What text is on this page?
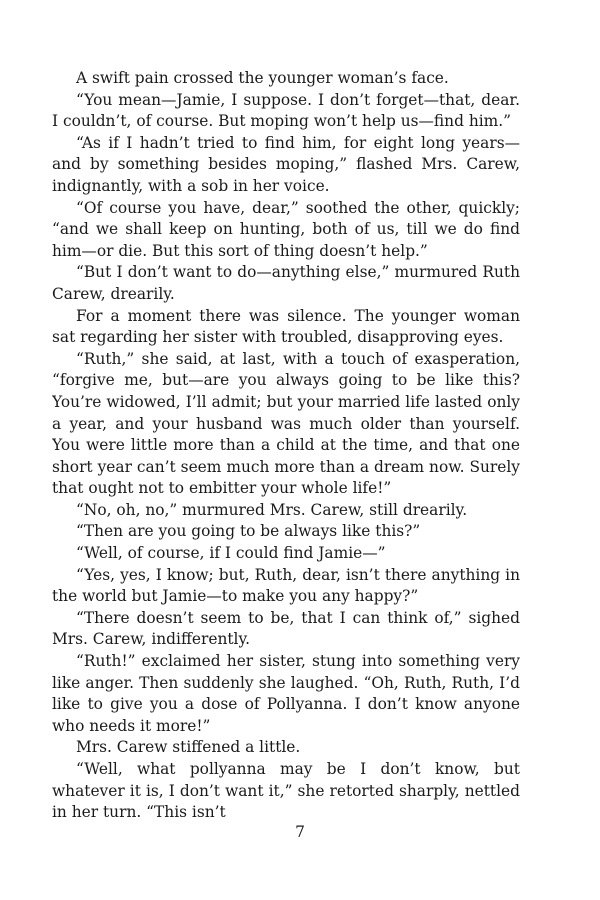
A swift pain crossed the younger woman’s face.

“You mean—Jamie, I suppose. I don’t forget—that, dear. I couldn’t, of course. But moping won’t help us—find him.”

“As if I hadn’t tried to find him, for eight long years—and by something besides moping,” flashed Mrs. Carew, indignantly, with a sob in her voice.

“Of course you have, dear,” soothed the other, quickly; “and we shall keep on hunting, both of us, till we do find him—or die. But this sort of thing doesn’t help.”

“But I don’t want to do—anything else,” murmured Ruth Carew, drearily.

For a moment there was silence. The younger woman sat regarding her sister with troubled, disapproving eyes.

“Ruth,” she said, at last, with a touch of exasperation, “forgive me, but—are you always going to be like this? You’re widowed, I’ll admit; but your married life lasted only a year, and your husband was much older than yourself. You were little more than a child at the time, and that one short year can’t seem much more than a dream now. Surely that ought not to embitter your whole life!”

“No, oh, no,” murmured Mrs. Carew, still drearily.

“Then are you going to be always like this?”

“Well, of course, if I could find Jamie—”

“Yes, yes, I know; but, Ruth, dear, isn’t there anything in the world but Jamie—to make you any happy?”

“There doesn’t seem to be, that I can think of,” sighed Mrs. Carew, indifferently.

“Ruth!” exclaimed her sister, stung into something very like anger. Then suddenly she laughed. “Oh, Ruth, Ruth, I’d like to give you a dose of Pollyanna. I don’t know anyone who needs it more!”

Mrs. Carew stiffened a little.

“Well, what pollyanna may be I don’t know, but whatever it is, I don’t want it,” she retorted sharply, nettled in her turn. “This isn’t

7
